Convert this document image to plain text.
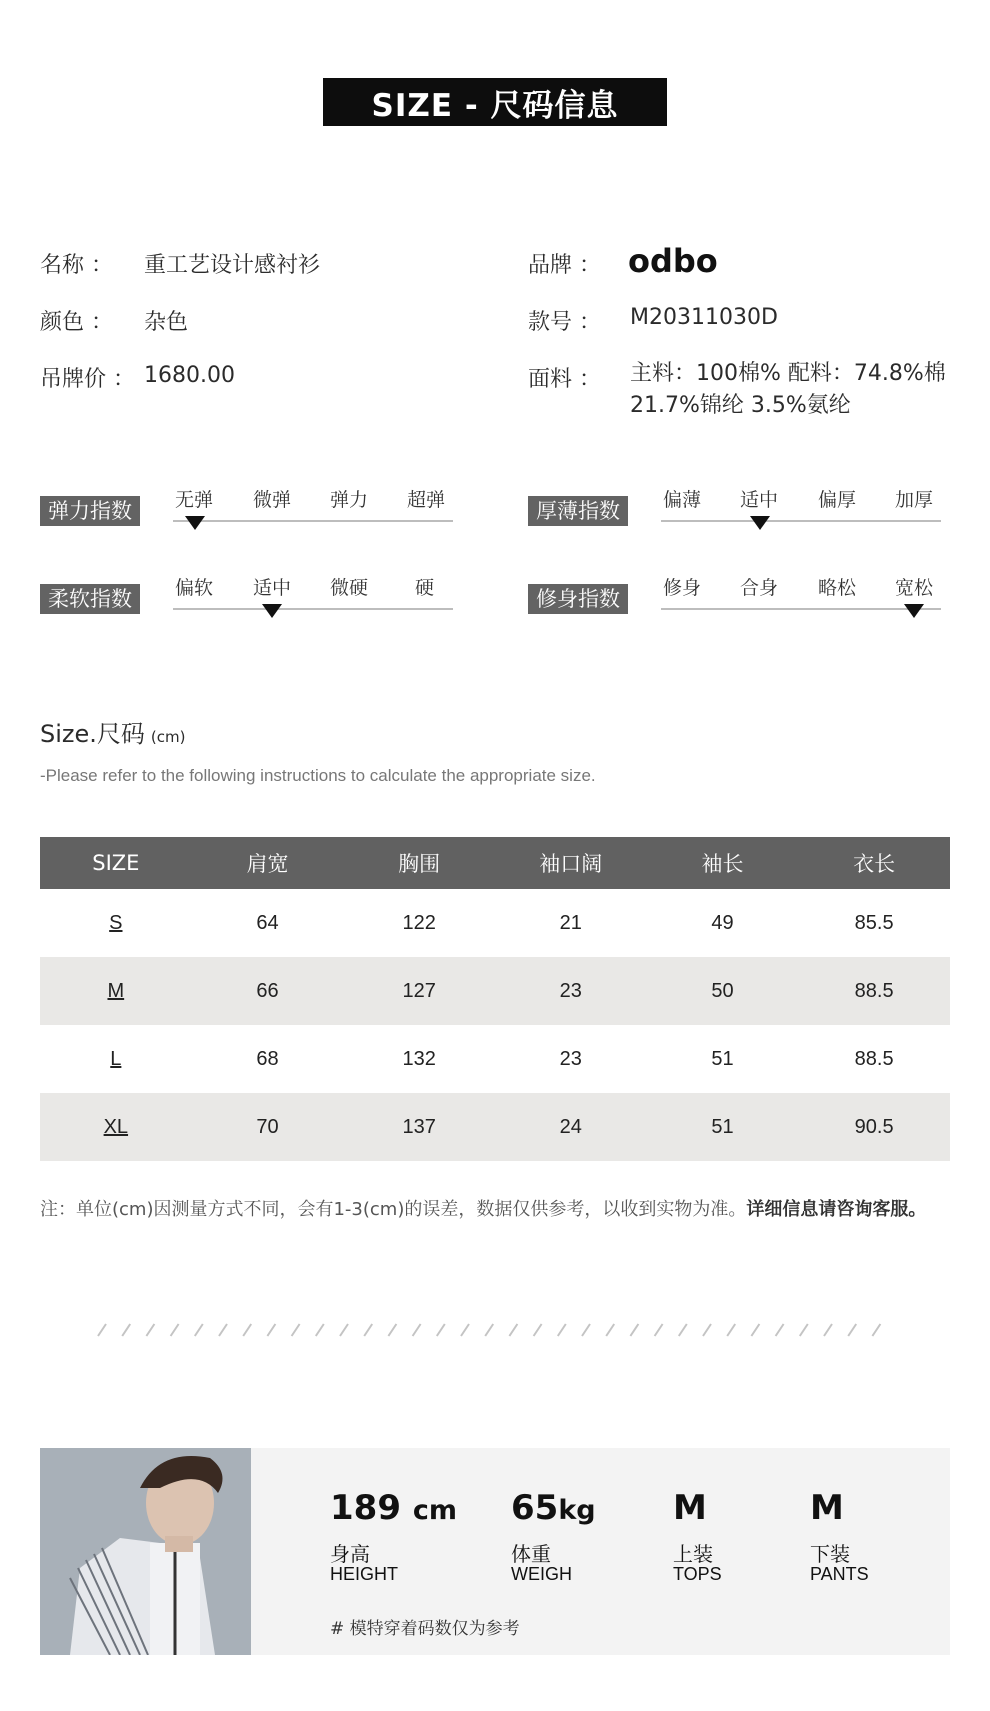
SIZE - 尺码信息
名称 ： 重工艺设计感衬衫
颜色 ： 杂色
吊牌价 ： 1680.00
品牌 ： odbo
款号 ： M20311030D
面料 ： 主料：100棉% 配料：74.8%棉 21.7%锦纶 3.5%氨纶
弹力指数	无弹 微弹 弹力 超弹	厚薄指数	偏薄 适中 偏厚 加厚
柔软指数	偏软 适中 微硬 硬	修身指数	修身 合身 略松 宽松
Size.尺码 (cm)
-Please refer to the following instructions to calculate the appropriate size.
SIZE	肩宽	胸围	袖口阔	袖长	衣长
S	64	122	21	49	85.5
M	66	127	23	50	88.5
L	68	132	23	51	88.5
XL	70	137	24	51	90.5
注：单位(cm)因测量方式不同，会有1-3(cm)的误差，数据仅供参考，以收到实物为准。详细信息请咨询客服。
189 cm
身高
HEIGHT
65kg
体重
WEIGH
M
上装
TOPS
M
下装
PANTS
# 模特穿着码数仅为参考
